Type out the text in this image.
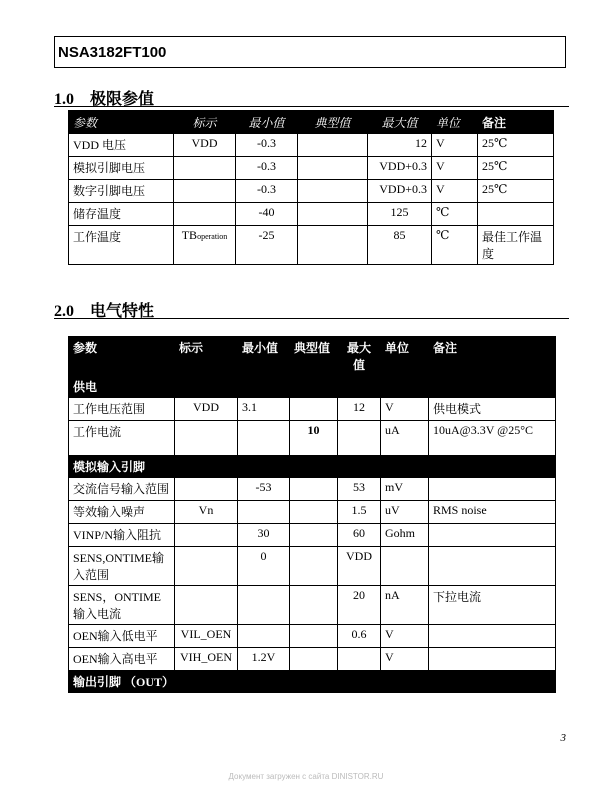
NSA3182FT100
1.0 极限参值
参数	标示	最小值	典型值	最大值	单位	备注
VDD 电压	VDD	-0.3		12	V	25℃
模拟引脚电压		-0.3		VDD+0.3	V	25℃
数字引脚电压		-0.3		VDD+0.3	V	25℃
储存温度		-40		125	℃	
工作温度	TBoperation	-25		85	℃	最佳工作温度
2.0 电气特性
参数	标示	最小值	典型值	最大值	单位	备注
供电						
工作电压范围	VDD	3.1		12	V	供电模式
工作电流			10		uA	10uA@3.3V @25°C
模拟输入引脚						
交流信号输入范围		-53		53	mV	
等效输入噪声	Vn			1.5	uV	RMS noise
VINP/N输入阻抗		30		60	Gohm	
SENS,ONTIME输入范围		0		VDD		
SENS，ONTIME输入电流				20	nA	下拉电流
OEN输入低电平	VIL_OEN			0.6	V	
OEN输入高电平	VIH_OEN	1.2V			V	
输出引脚 （OUT）						
3
Документ загружен с сайта DINISTOR.RU
